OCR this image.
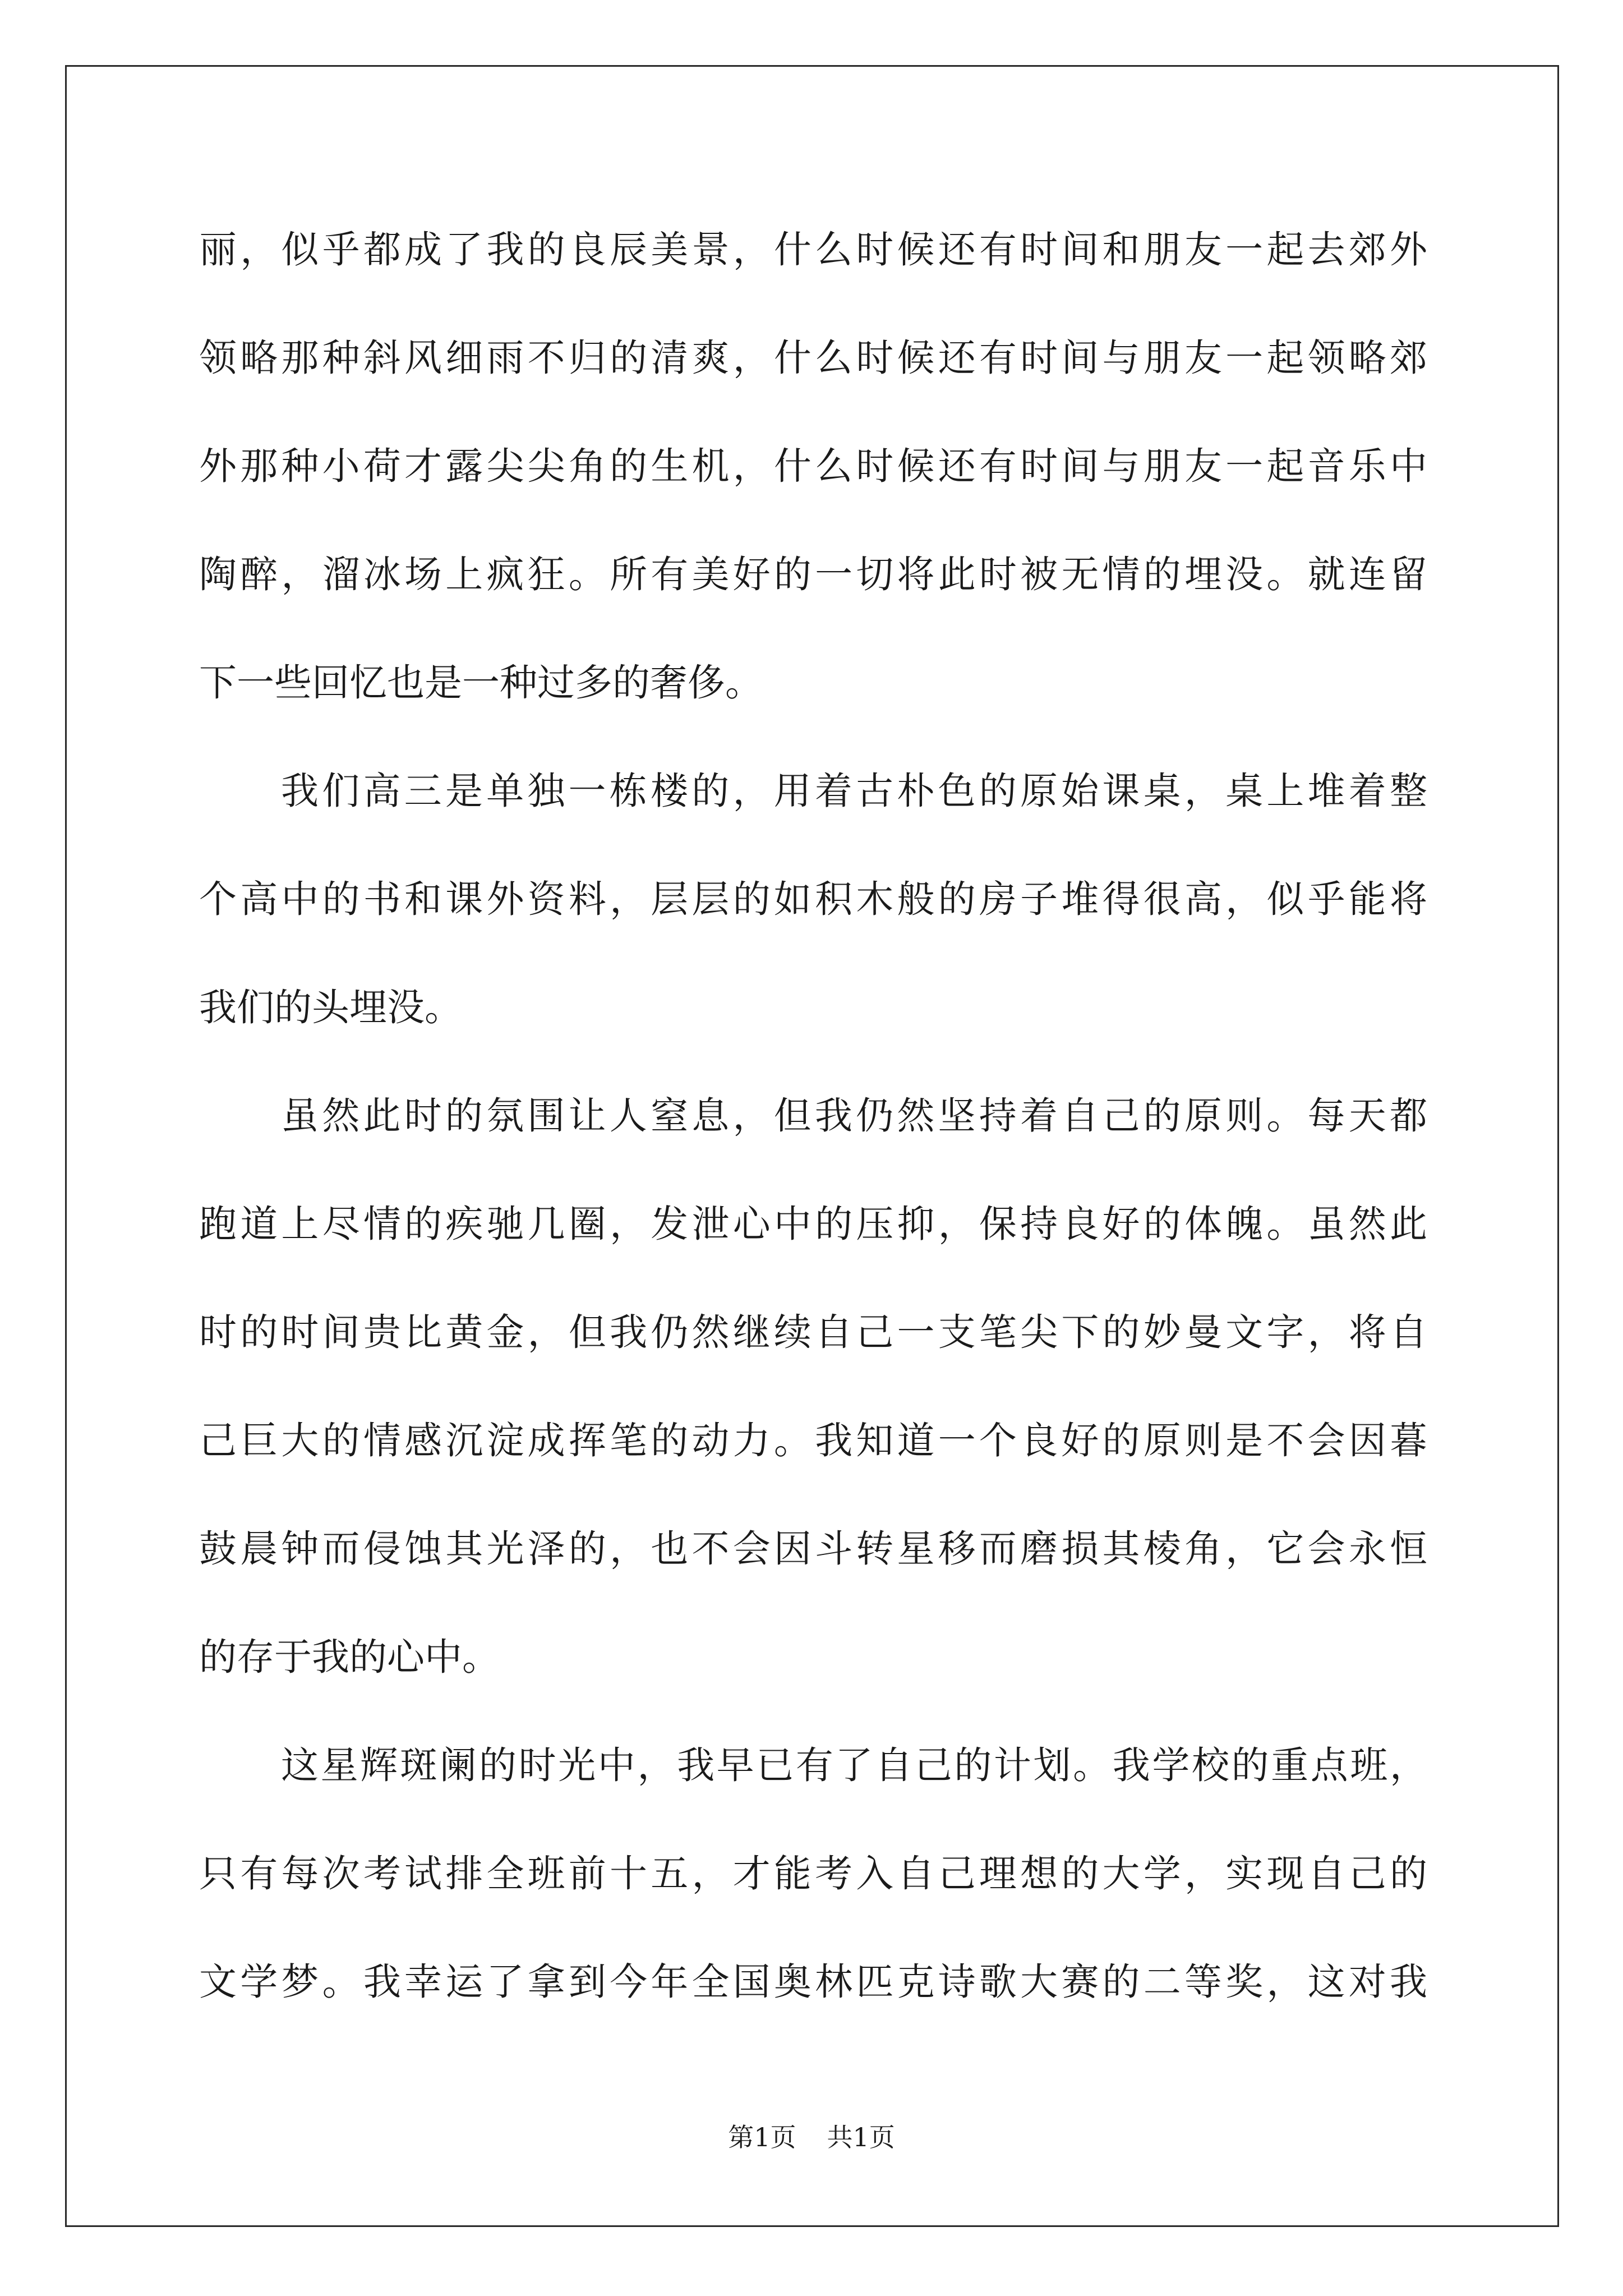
丽，似乎都成了我的良辰美景，什么时候还有时间和朋友一起去郊外
领略那种斜风细雨不归的清爽，什么时候还有时间与朋友一起领略郊
外那种小荷才露尖尖角的生机，什么时候还有时间与朋友一起音乐中
陶醉，溜冰场上疯狂。所有美好的一切将此时被无情的埋没。就连留
下一些回忆也是一种过多的奢侈。
我们高三是单独一栋楼的，用着古朴色的原始课桌，桌上堆着整
个高中的书和课外资料，层层的如积木般的房子堆得很高，似乎能将
我们的头埋没。
虽然此时的氛围让人窒息，但我仍然坚持着自己的原则。每天都
跑道上尽情的疾驰几圈，发泄心中的压抑，保持良好的体魄。虽然此
时的时间贵比黄金，但我仍然继续自己一支笔尖下的妙曼文字，将自
己巨大的情感沉淀成挥笔的动力。我知道一个良好的原则是不会因暮
鼓晨钟而侵蚀其光泽的，也不会因斗转星移而磨损其棱角，它会永恒
的存于我的心中。
这星辉斑阑的时光中，我早已有了自己的计划。我学校的重点班，
只有每次考试排全班前十五，才能考入自己理想的大学，实现自己的
文学梦。我幸运了拿到今年全国奥林匹克诗歌大赛的二等奖，这对我
第1页 共1页
